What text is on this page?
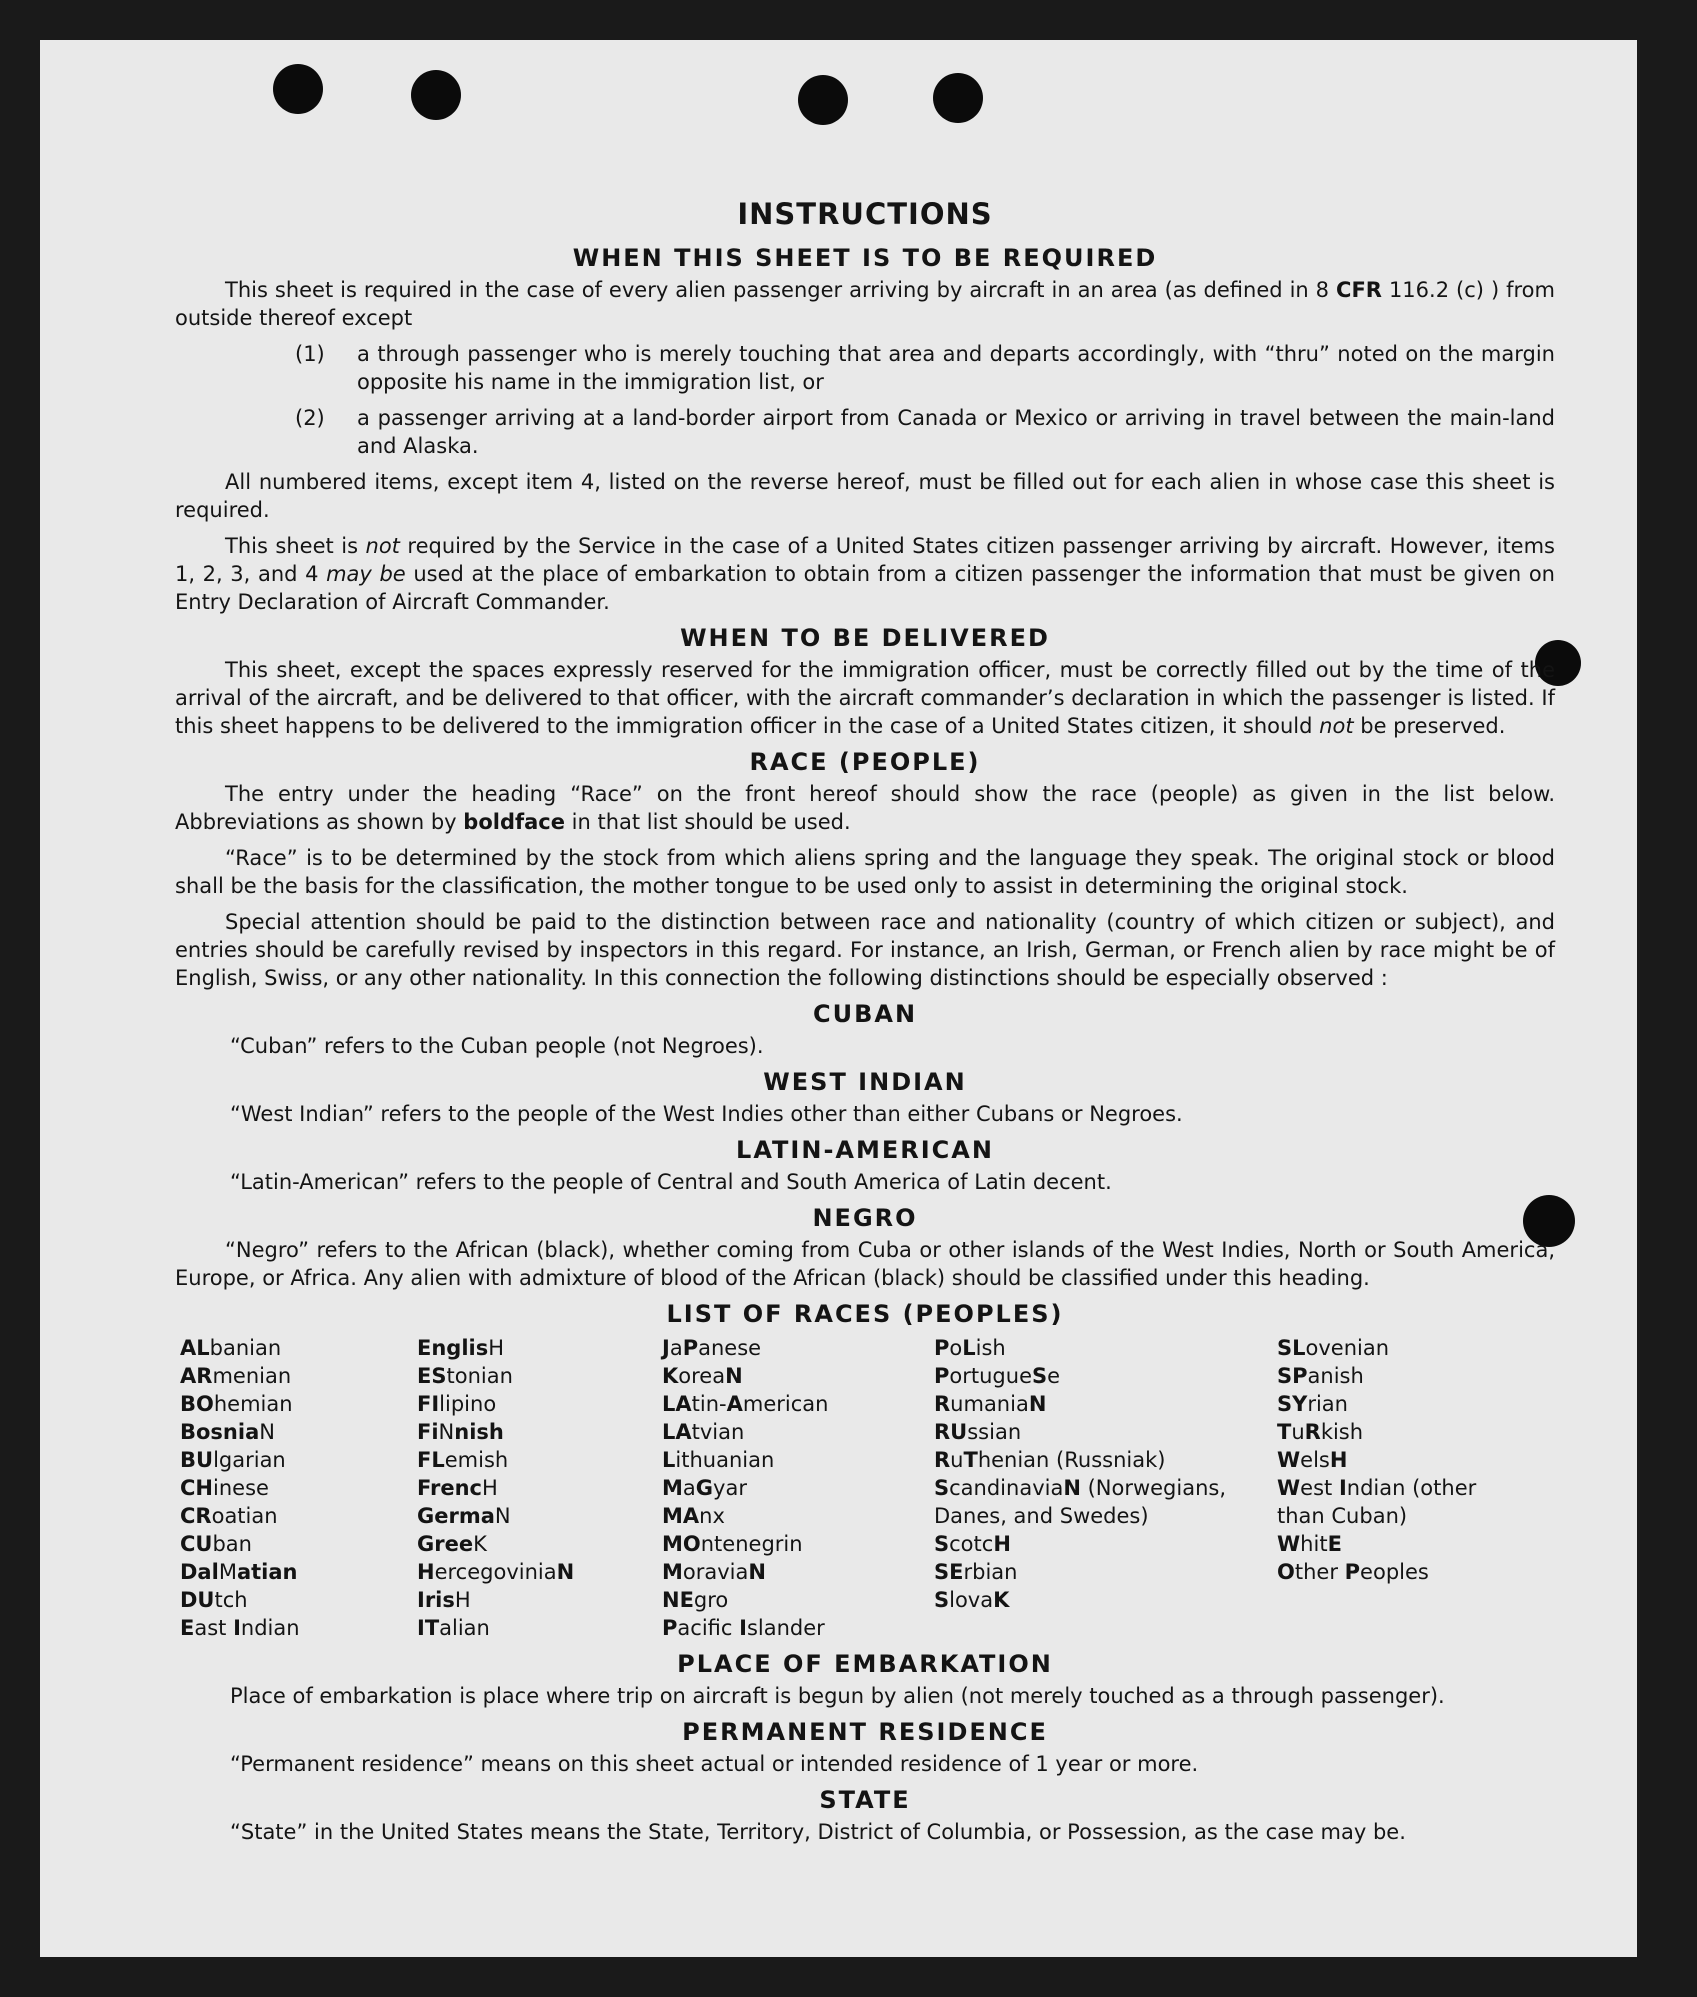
INSTRUCTIONS
WHEN THIS SHEET IS TO BE REQUIRED

This sheet is required in the case of every alien passenger arriving by aircraft in an area (as defined in 8 CFR 116.2 (c) ) from outside thereof except

(1)	a through passenger who is merely touching that area and departs accordingly, with “thru” noted on the margin opposite his name in the immigration list, or
(2)	a passenger arriving at a land-border airport from Canada or Mexico or arriving in travel between the main-land and Alaska.

All numbered items, except item 4, listed on the reverse hereof, must be filled out for each alien in whose case this sheet is required.

This sheet is not required by the Service in the case of a United States citizen passenger arriving by aircraft. However, items 1, 2, 3, and 4 may be used at the place of embarkation to obtain from a citizen passenger the information that must be given on Entry Declaration of Aircraft Commander.

WHEN TO BE DELIVERED

This sheet, except the spaces expressly reserved for the immigration officer, must be correctly filled out by the time of the arrival of the aircraft, and be delivered to that officer, with the aircraft commander’s declaration in which the passenger is listed. If this sheet happens to be delivered to the immigration officer in the case of a United States citizen, it should not be preserved.

RACE (PEOPLE)

The entry under the heading “Race” on the front hereof should show the race (people) as given in the list below. Abbreviations as shown by boldface in that list should be used.

“Race” is to be determined by the stock from which aliens spring and the language they speak. The original stock or blood shall be the basis for the classification, the mother tongue to be used only to assist in determining the original stock.

Special attention should be paid to the distinction between race and nationality (country of which citizen or subject), and entries should be carefully revised by inspectors in this regard. For instance, an Irish, German, or French alien by race might be of English, Swiss, or any other nationality. In this connection the following distinctions should be especially observed :

CUBAN

“Cuban” refers to the Cuban people (not Negroes).

WEST INDIAN

“West Indian” refers to the people of the West Indies other than either Cubans or Negroes.

LATIN-AMERICAN

“Latin-American” refers to the people of Central and South America of Latin decent.

NEGRO

“Negro” refers to the African (black), whether coming from Cuba or other islands of the West Indies, North or South America, Europe, or Africa. Any alien with admixture of blood of the African (black) should be classified under this heading.

LIST OF RACES (PEOPLES)
ALbanian
ARmenian
BOhemian
BosniaN
BUlgarian
CHinese
CRoatian
CUban
DalMatian
DUtch
East Indian
EnglisH
EStonian
FIlipino
FiNnish
FLemish
FrencH
GermaN
GreeK
HercegoviniaN
IrisH
ITalian
JaPanese
KoreaN
LAtin-American
LAtvian
Lithuanian
MaGyar
MAnx
MOntenegrin
MoraviaN
NEgro
Pacific Islander
PoLish
PortugueSe
RumaniaN
RUssian
RuThenian (Russniak)
ScandinaviaN (Norwegians, Danes, and Swedes)
ScotcH
SErbian
SlovaK
SLovenian
SPanish
SYrian
TuRkish
WelsH
West Indian (other than Cuban)
WhitE
Other Peoples
PLACE OF EMBARKATION

Place of embarkation is place where trip on aircraft is begun by alien (not merely touched as a through passenger).

PERMANENT RESIDENCE

“Permanent residence” means on this sheet actual or intended residence of 1 year or more.

STATE

“State” in the United States means the State, Territory, District of Columbia, or Possession, as the case may be.
